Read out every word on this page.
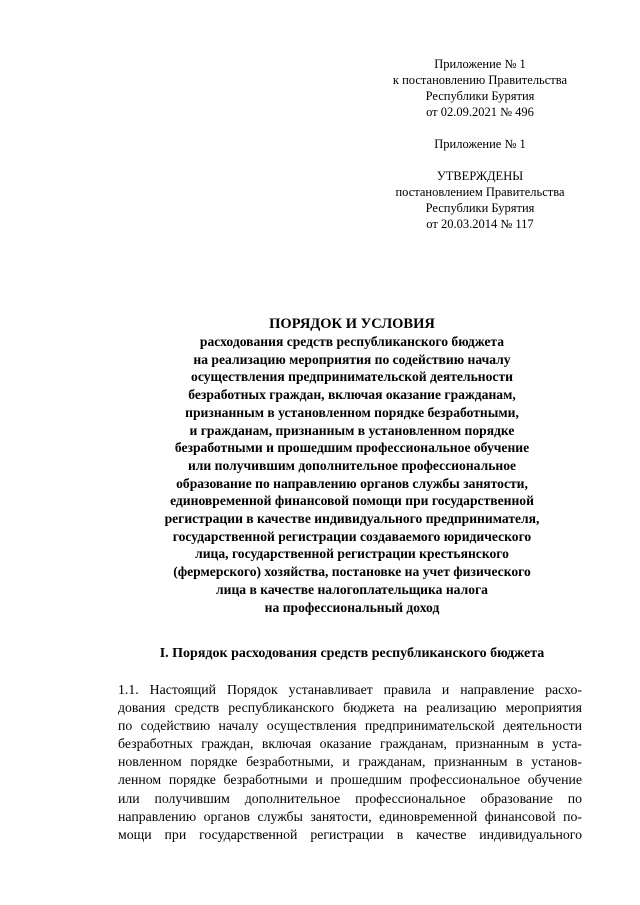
Приложение № 1
к постановлению Правительства
Республики Бурятия
от 02.09.2021 № 496
Приложение № 1
УТВЕРЖДЕНЫ
постановлением Правительства
Республики Бурятия
от 20.03.2014 № 117
ПОРЯДОК И УСЛОВИЯ
расходования средств республиканского бюджета
на реализацию мероприятия по содействию началу
осуществления предпринимательской деятельности
безработных граждан, включая оказание гражданам,
признанным в установленном порядке безработными,
и гражданам, признанным в установленном порядке
безработными и прошедшим профессиональное обучение
или получившим дополнительное профессиональное
образование по направлению органов службы занятости,
единовременной финансовой помощи при государственной
регистрации в качестве индивидуального предпринимателя,
государственной регистрации создаваемого юридического
лица, государственной регистрации крестьянского
(фермерского) хозяйства, постановке на учет физического
лица в качестве налогоплательщика налога
на профессиональный доход
I. Порядок расходования средств республиканского бюджета
1.1. Настоящий Порядок устанавливает правила и направление расхо-
дования средств республиканского бюджета на реализацию мероприятия
по содействию началу осуществления предпринимательской деятельности
безработных граждан, включая оказание гражданам, признанным в уста-
новленном порядке безработными, и гражданам, признанным в установ-
ленном порядке безработными и прошедшим профессиональное обучение
или получившим дополнительное профессиональное образование по
направлению органов службы занятости, единовременной финансовой по-
мощи при государственной регистрации в качестве индивидуального
